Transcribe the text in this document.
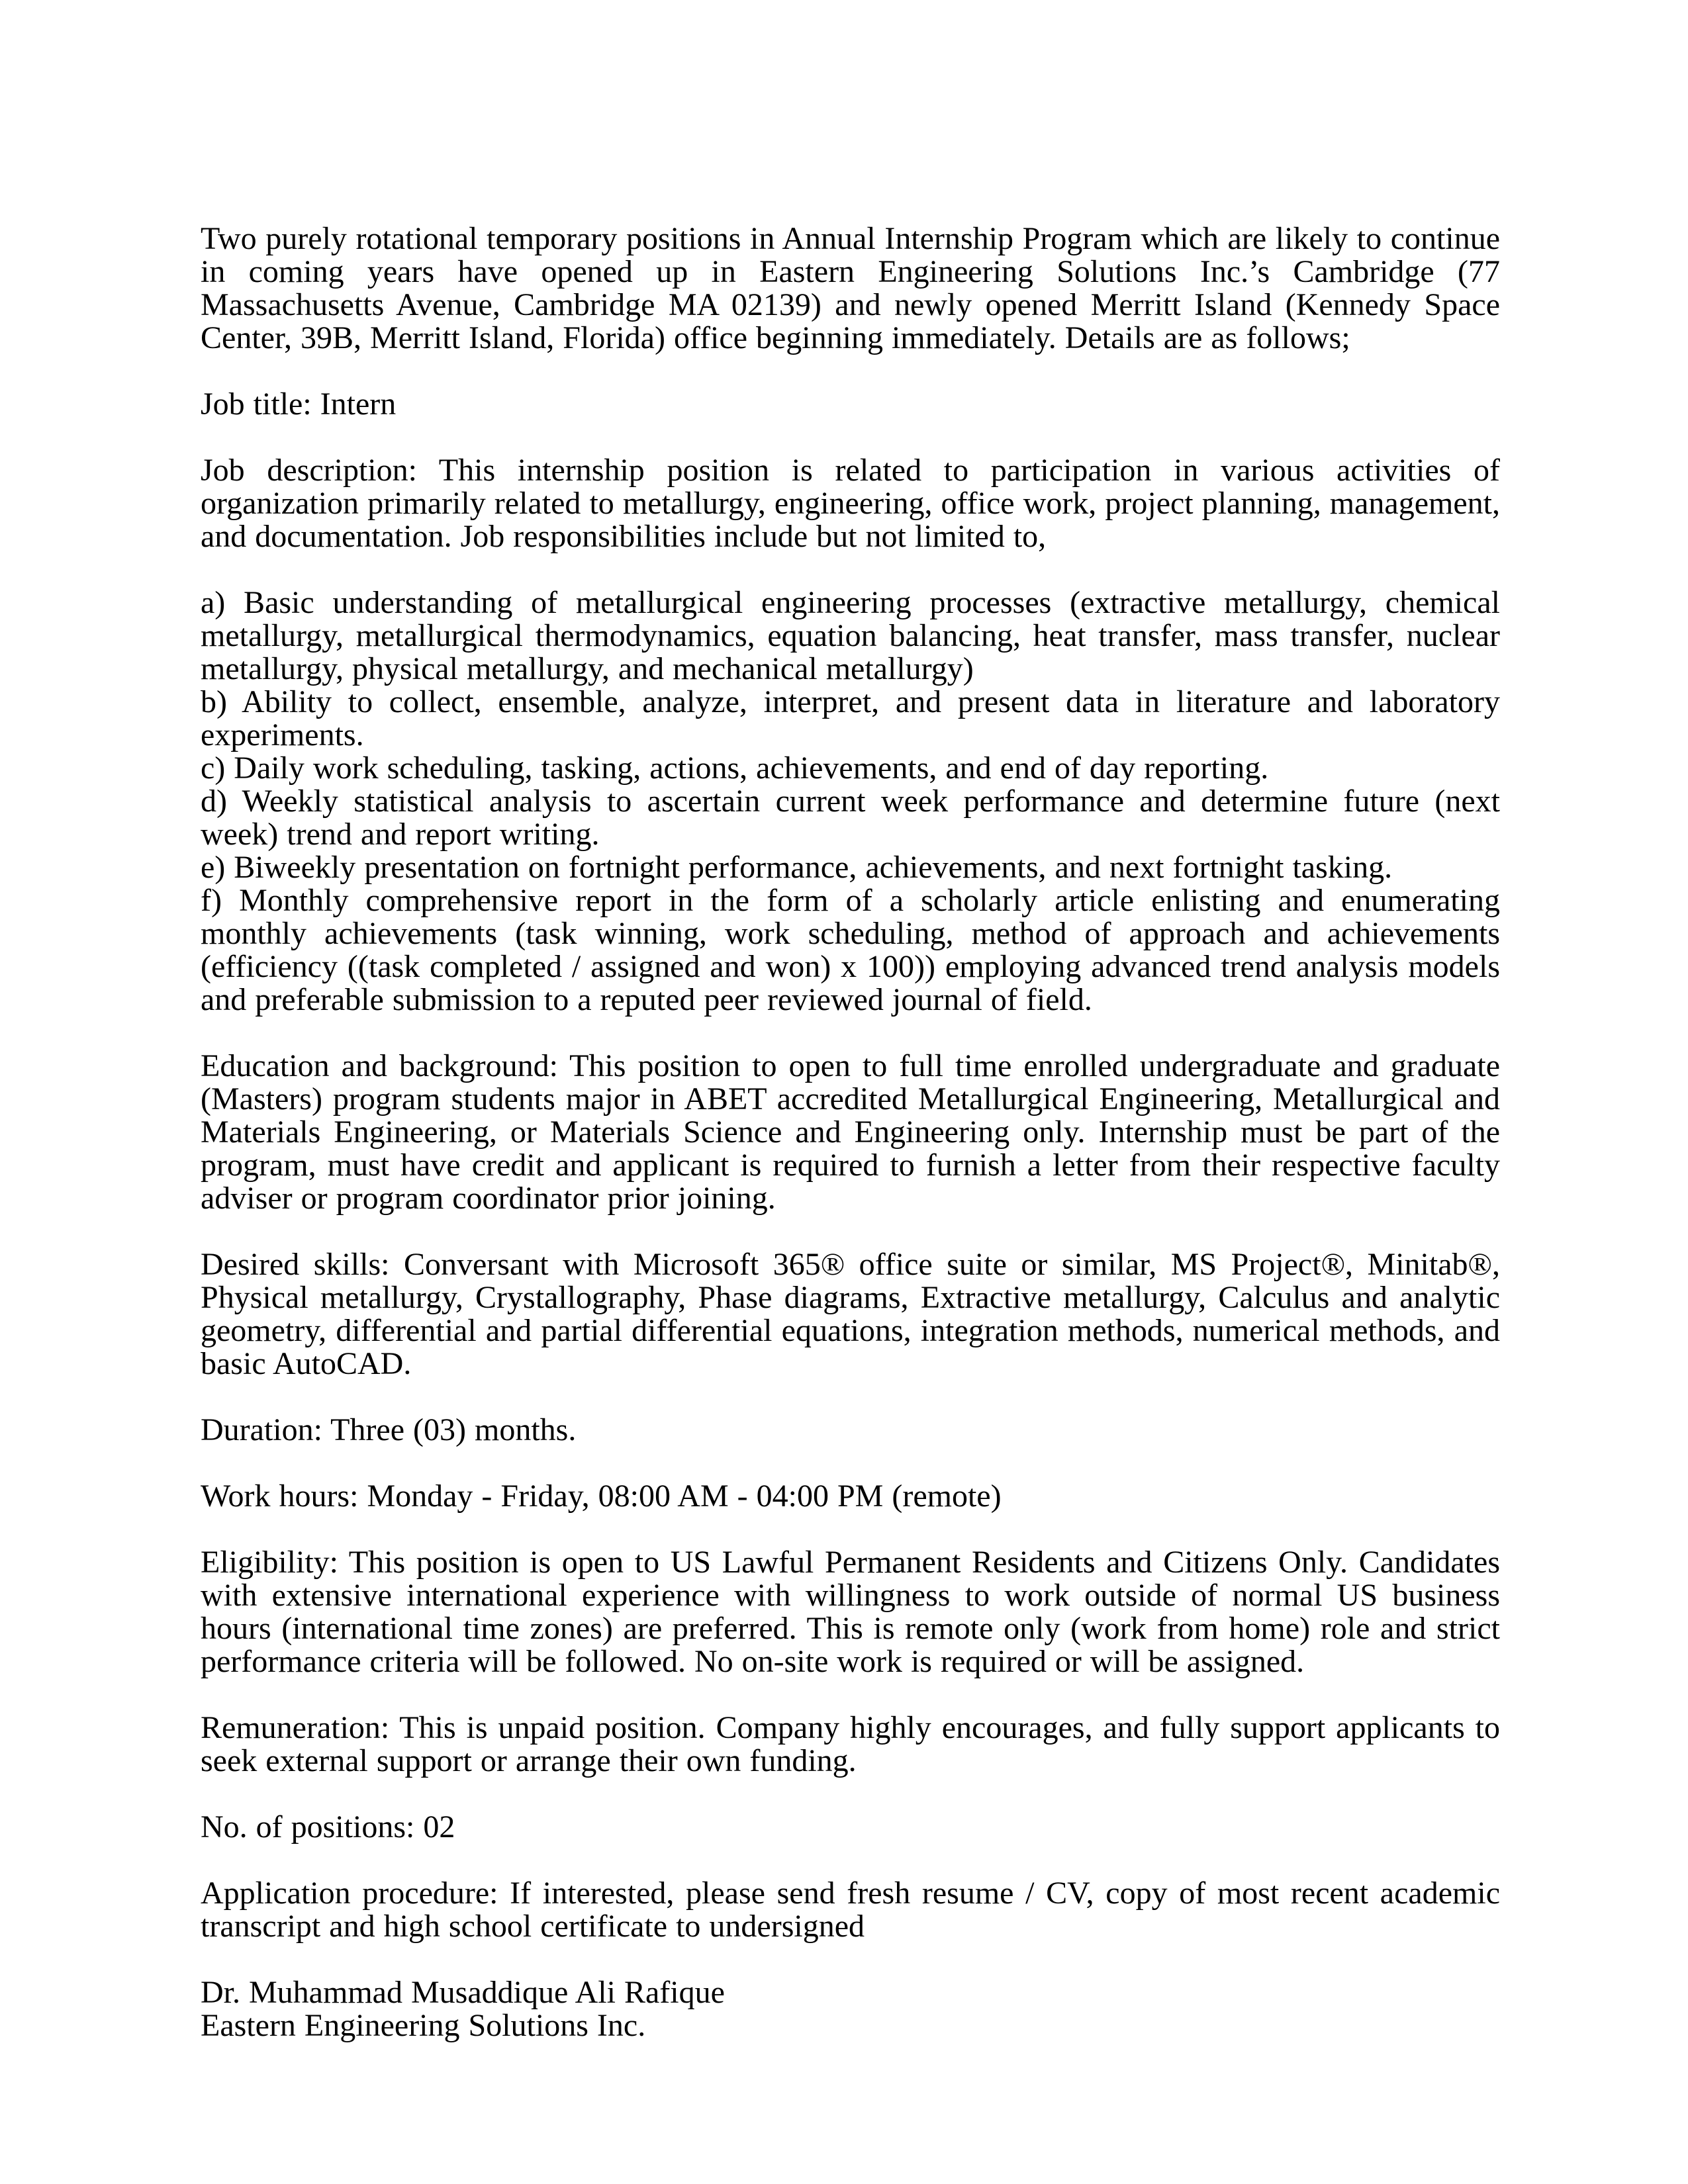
Two purely rotational temporary positions in Annual Internship Program which are likely to continue in coming years have opened up in Eastern Engineering Solutions Inc.’s Cambridge (77 Massachusetts Avenue, Cambridge MA 02139) and newly opened Merritt Island (Kennedy Space Center, 39B, Merritt Island, Florida) office beginning immediately. Details are as follows;

Job title: Intern

Job description: This internship position is related to participation in various activities of organization primarily related to metallurgy, engineering, office work, project planning, management, and documentation. Job responsibilities include but not limited to,

a) Basic understanding of metallurgical engineering processes (extractive metallurgy, chemical metallurgy, metallurgical thermodynamics, equation balancing, heat transfer, mass transfer, nuclear metallurgy, physical metallurgy, and mechanical metallurgy)

b) Ability to collect, ensemble, analyze, interpret, and present data in literature and laboratory experiments.

c) Daily work scheduling, tasking, actions, achievements, and end of day reporting.

d) Weekly statistical analysis to ascertain current week performance and determine future (next week) trend and report writing.

e) Biweekly presentation on fortnight performance, achievements, and next fortnight tasking.

f) Monthly comprehensive report in the form of a scholarly article enlisting and enumerating monthly achievements (task winning, work scheduling, method of approach and achievements (efficiency ((task completed / assigned and won) x 100)) employing advanced trend analysis models and preferable submission to a reputed peer reviewed journal of field.

Education and background: This position to open to full time enrolled undergraduate and graduate (Masters) program students major in ABET accredited Metallurgical Engineering, Metallurgical and Materials Engineering, or Materials Science and Engineering only. Internship must be part of the program, must have credit and applicant is required to furnish a letter from their respective faculty adviser or program coordinator prior joining.

Desired skills: Conversant with Microsoft 365® office suite or similar, MS Project®, Minitab®, Physical metallurgy, Crystallography, Phase diagrams, Extractive metallurgy, Calculus and analytic geometry, differential and partial differential equations, integration methods, numerical methods, and basic AutoCAD.

Duration: Three (03) months.

Work hours: Monday - Friday, 08:00 AM - 04:00 PM (remote)

Eligibility: This position is open to US Lawful Permanent Residents and Citizens Only. Candidates with extensive international experience with willingness to work outside of normal US business hours (international time zones) are preferred. This is remote only (work from home) role and strict performance criteria will be followed. No on-site work is required or will be assigned.

Remuneration: This is unpaid position. Company highly encourages, and fully support applicants to seek external support or arrange their own funding.

No. of positions: 02

Application procedure: If interested, please send fresh resume / CV, copy of most recent academic transcript and high school certificate to undersigned

Dr. Muhammad Musaddique Ali Rafique

Eastern Engineering Solutions Inc.
